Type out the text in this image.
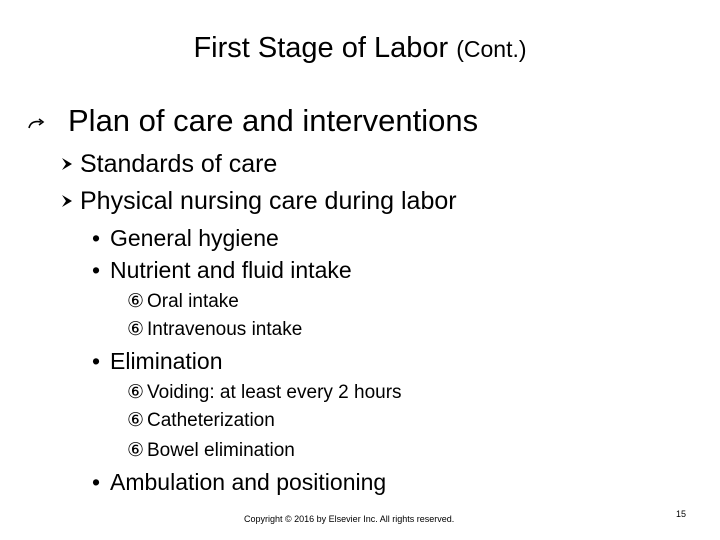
First Stage of Labor (Cont.)
Plan of care and interventions
Standards of care
Physical nursing care during labor
• General hygiene
• Nutrient and fluid intake
⑥ Oral intake
⑥ Intravenous intake
• Elimination
⑥ Voiding: at least every 2 hours
⑥ Catheterization
⑥ Bowel elimination
• Ambulation and positioning
Copyright © 2016 by Elsevier Inc. All rights reserved.	15
